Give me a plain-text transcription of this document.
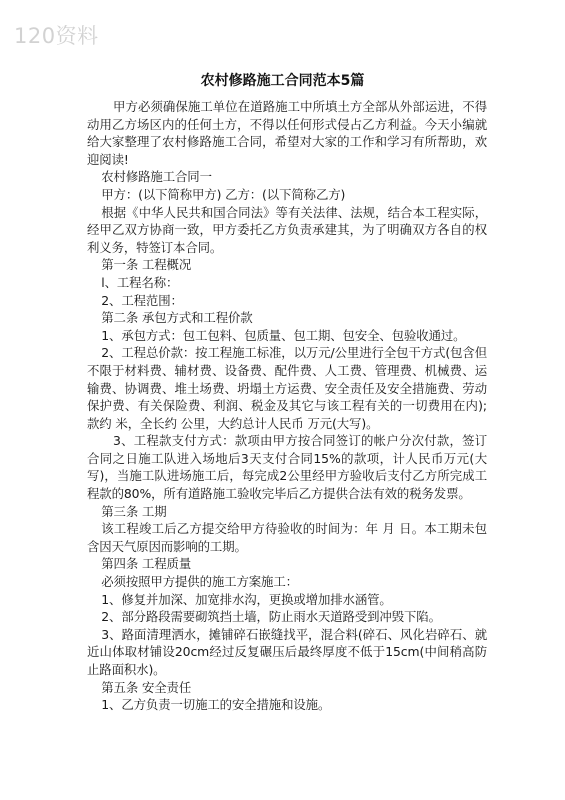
120资料
农村修路施工合同范本5篇

甲方必须确保施工单位在道路施工中所填土方全部从外部运进，不得动用乙方场区内的任何土方，不得以任何形式侵占乙方利益。今天小编就给大家整理了农村修路施工合同，希望对大家的工作和学习有所帮助，欢迎阅读!

农村修路施工合同一

甲方：(以下简称甲方) 乙方：(以下简称乙方)

根据《中华人民共和国合同法》等有关法律、法规，结合本工程实际，经甲乙双方协商一致，甲方委托乙方负责承建其，为了明确双方各自的权利义务，特签订本合同。

第一条 工程概况

l、工程名称：

2、工程范围：

第二条 承包方式和工程价款

1、承包方式：包工包料、包质量、包工期、包安全、包验收通过。

2、工程总价款：按工程施工标准，以万元/公里进行全包干方式(包含但不限于材料费、辅材费、设备费、配件费、人工费、管理费、机械费、运输费、协调费、堆土场费、坍塌土方运费、安全责任及安全措施费、劳动保护费、有关保险费、利润、税金及其它与该工程有关的一切费用在内);款约 米，全长约 公里，大约总计人民币 万元(大写)。

3、工程款支付方式：款项由甲方按合同签订的帐户分次付款，签订合同之日施工队进入场地后3天支付合同15%的款项，计人民币万元(大写)，当施工队进场施工后，每完成2公里经甲方验收后支付乙方所完成工程款的80%，所有道路施工验收完毕后乙方提供合法有效的税务发票。

第三条 工期

该工程竣工后乙方提交给甲方待验收的时间为：年 月 日。本工期未包含因天气原因而影响的工期。

第四条 工程质量

必须按照甲方提供的施工方案施工：

1、修复并加深、加宽排水沟，更换或增加排水涵管。

2、部分路段需要砌筑挡土墙，防止雨水天道路受到冲毁下陷。

3、路面清理洒水，摊铺碎石嵌缝找平，混合料(碎石、风化岩碎石、就近山体取材铺设20cm经过反复碾压后最终厚度不低于15cm(中间稍高防止路面积水)。

第五条 安全责任

1、乙方负责一切施工的安全措施和设施。
